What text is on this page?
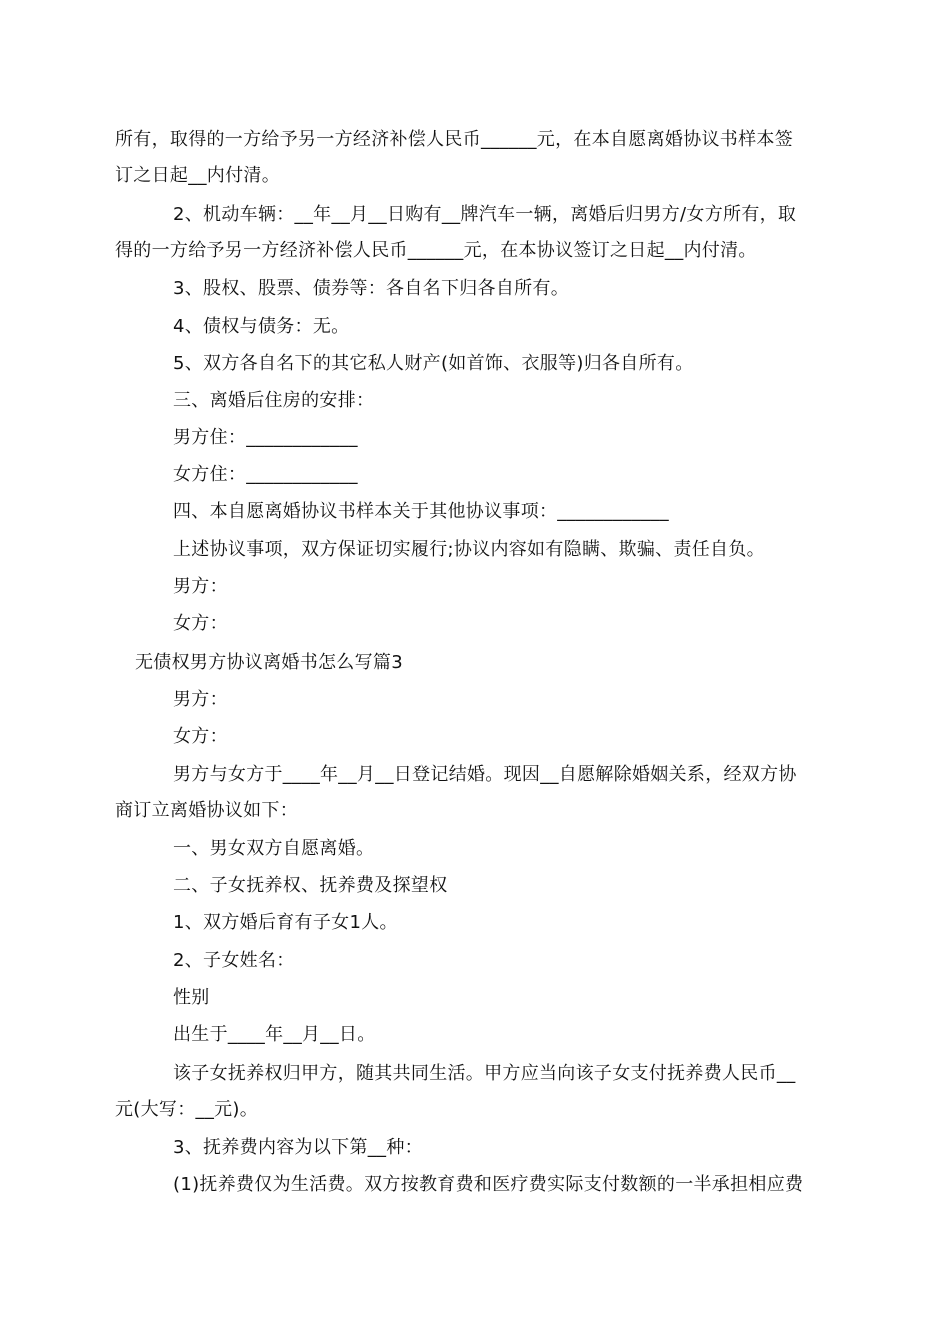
所有，取得的一方给予另一方经济补偿人民币______元，在本自愿离婚协议书样本签
订之日起__内付清。
2、机动车辆：__年__月__日购有__牌汽车一辆，离婚后归男方/女方所有，取
得的一方给予另一方经济补偿人民币______元，在本协议签订之日起__内付清。
3、股权、股票、债券等：各自名下归各自所有。
4、债权与债务：无。
5、双方各自名下的其它私人财产(如首饰、衣服等)归各自所有。
三、离婚后住房的安排：
男方住：____________
女方住：____________
四、本自愿离婚协议书样本关于其他协议事项：____________
上述协议事项，双方保证切实履行;协议内容如有隐瞒、欺骗、责任自负。
男方：
女方：
无债权男方协议离婚书怎么写篇3
男方：
女方：
男方与女方于____年__月__日登记结婚。现因__自愿解除婚姻关系，经双方协
商订立离婚协议如下：
一、男女双方自愿离婚。
二、子女抚养权、抚养费及探望权
1、双方婚后育有子女1人。
2、子女姓名：
性别
出生于____年__月__日。
该子女抚养权归甲方，随其共同生活。甲方应当向该子女支付抚养费人民币__
元(大写：__元)。
3、抚养费内容为以下第__种：
(1)抚养费仅为生活费。双方按教育费和医疗费实际支付数额的一半承担相应费
